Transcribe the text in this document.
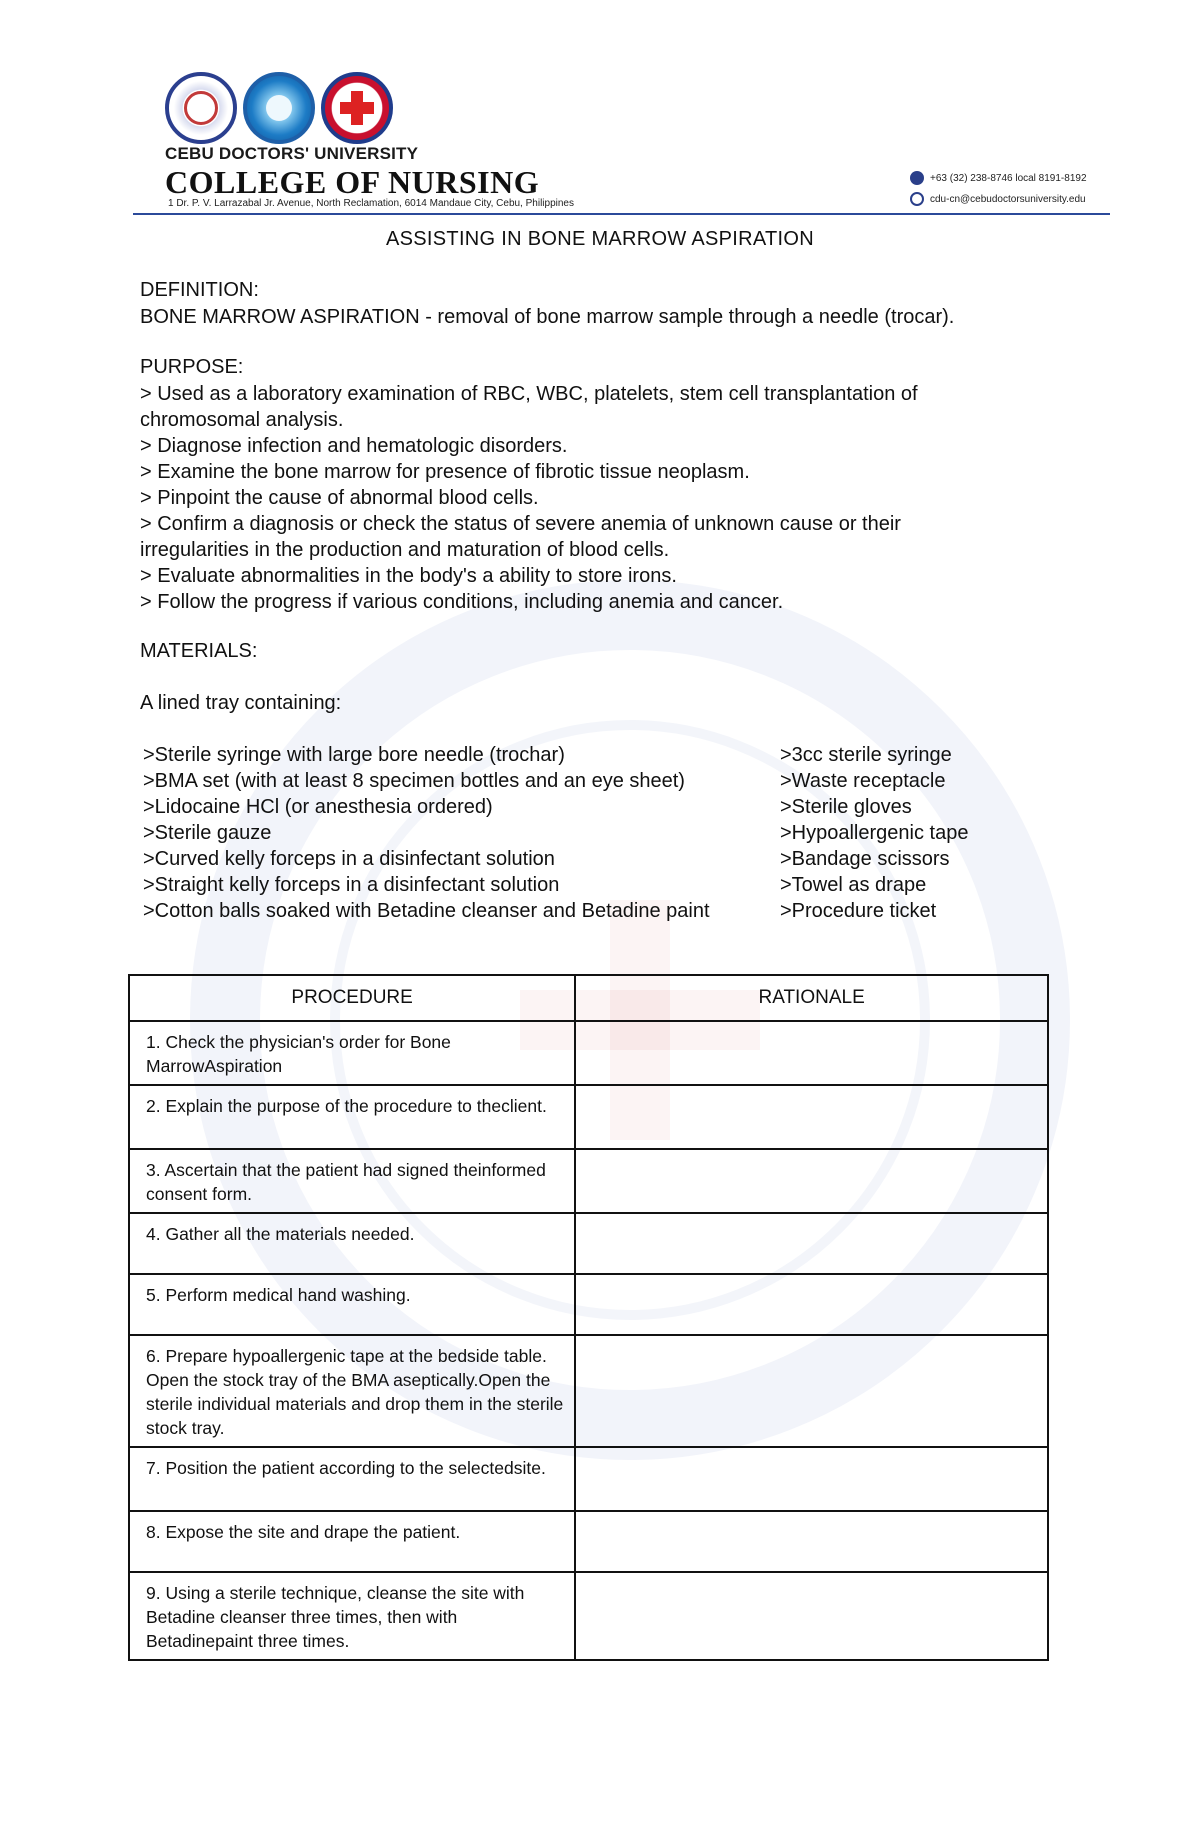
CEBU DOCTORS' UNIVERSITY
COLLEGE OF NURSING
1 Dr. P. V. Larrazabal Jr. Avenue, North Reclamation, 6014 Mandaue City, Cebu, Philippines
+63 (32) 238-8746 local 8191-8192
cdu-cn@cebudoctorsuniversity.edu
ASSISTING IN BONE MARROW ASPIRATION
DEFINITION:
BONE MARROW ASPIRATION - removal of bone marrow sample through a needle (trocar).
PURPOSE:
> Used as a laboratory examination of RBC, WBC, platelets, stem cell transplantation of chromosomal analysis.
> Diagnose infection and hematologic disorders.
> Examine the bone marrow for presence of fibrotic tissue neoplasm.
> Pinpoint the cause of abnormal blood cells.
> Confirm a diagnosis or check the status of severe anemia of unknown cause or their irregularities in the production and maturation of blood cells.
> Evaluate abnormalities in the body's a ability to store irons.
> Follow the progress if various conditions, including anemia and cancer.
MATERIALS:
A lined tray containing:
>Sterile syringe with large bore needle (trochar)
>BMA set (with at least 8 specimen bottles and an eye sheet)
>Lidocaine HCl (or anesthesia ordered)
>Sterile gauze
>Curved kelly forceps in a disinfectant solution
>Straight kelly forceps in a disinfectant solution
>Cotton balls soaked with Betadine cleanser and Betadine paint
>3cc sterile syringe
>Waste receptacle
>Sterile gloves
>Hypoallergenic tape
>Bandage scissors
>Towel as drape
>Procedure ticket
PROCEDURE	RATIONALE
1. Check the physician's order for Bone MarrowAspiration	
2. Explain the purpose of the procedure to theclient.	
3. Ascertain that the patient had signed theinformed consent form.	
4. Gather all the materials needed.	
5. Perform medical hand washing.	
6. Prepare hypoallergenic tape at the bedside table. Open the stock tray of the BMA aseptically.Open the sterile individual materials and drop them in the sterile stock tray.	
7. Position the patient according to the selectedsite.	
8. Expose the site and drape the patient.	
9. Using a sterile technique, cleanse the site with Betadine cleanser three times, then with Betadinepaint three times.	
